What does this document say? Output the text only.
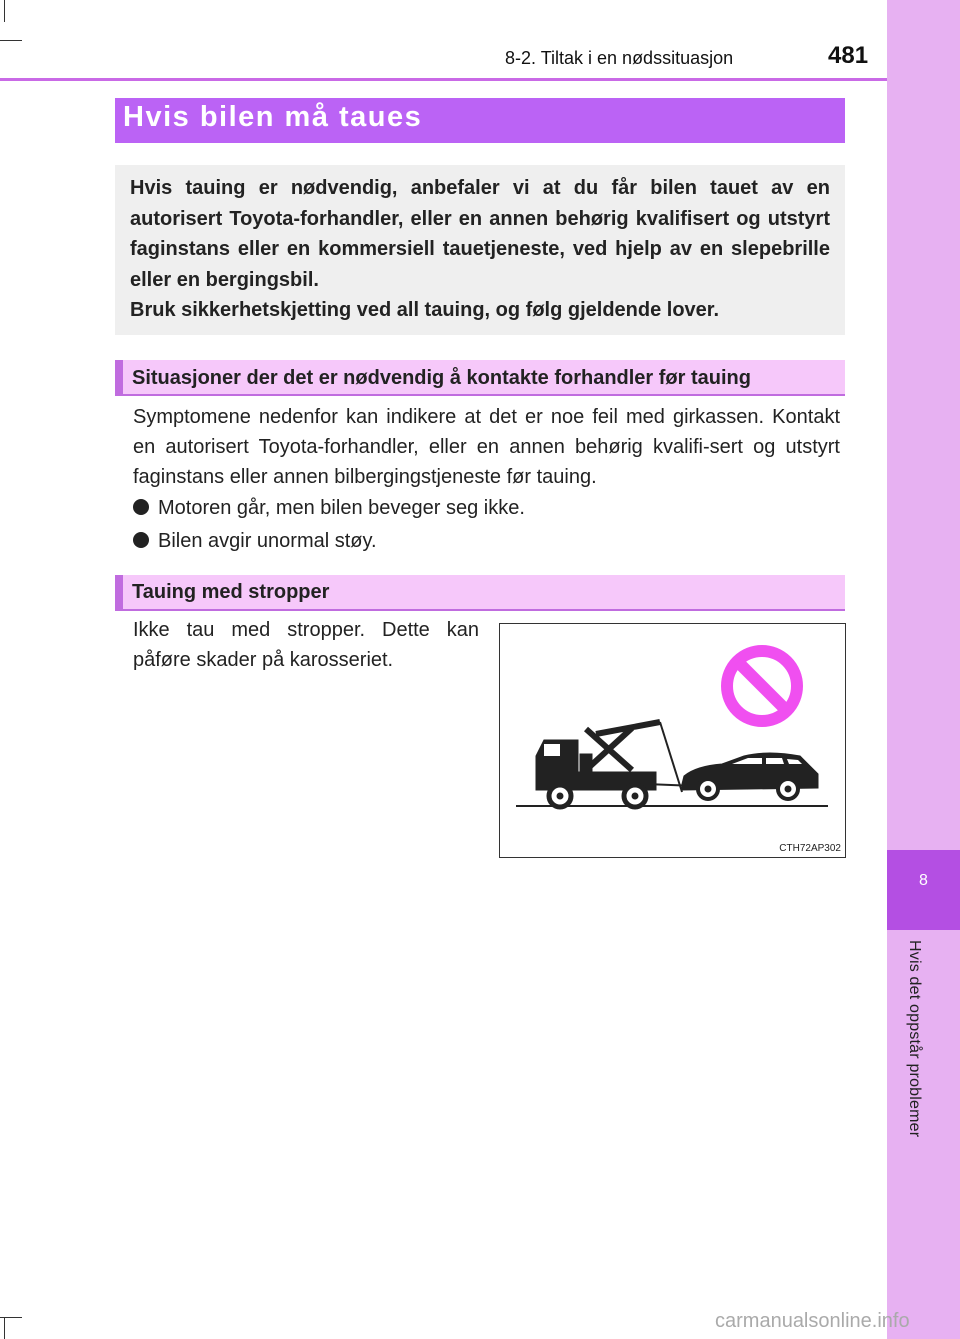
8-2. Tiltak i en nødssituasjon	481
8
Hvis det oppstår problemer
Hvis bilen må taues

Hvis tauing er nødvendig, anbefaler vi at du får bilen tauet av en autorisert Toyota-forhandler, eller en annen behørig kvalifisert og utstyrt faginstans eller en kommersiell tauetjeneste, ved hjelp av en slepebrille eller en bergingsbil.

Bruk sikkerhetskjetting ved all tauing, og følg gjeldende lover.

Situasjoner der det er nødvendig å kontakte forhandler før tauing
Symptomene nedenfor kan indikere at det er noe feil med girkassen. Kontakt en autorisert Toyota-forhandler, eller en annen behørig kvalifi-sert og utstyrt faginstans eller annen bilbergingstjeneste før tauing.
Motoren går, men bilen beveger seg ikke.
Bilen avgir unormal støy.
Tauing med stropper
Ikke tau med stropper. Dette kan påføre skader på karosseriet.
CTH72AP302
carmanualsonline.info
